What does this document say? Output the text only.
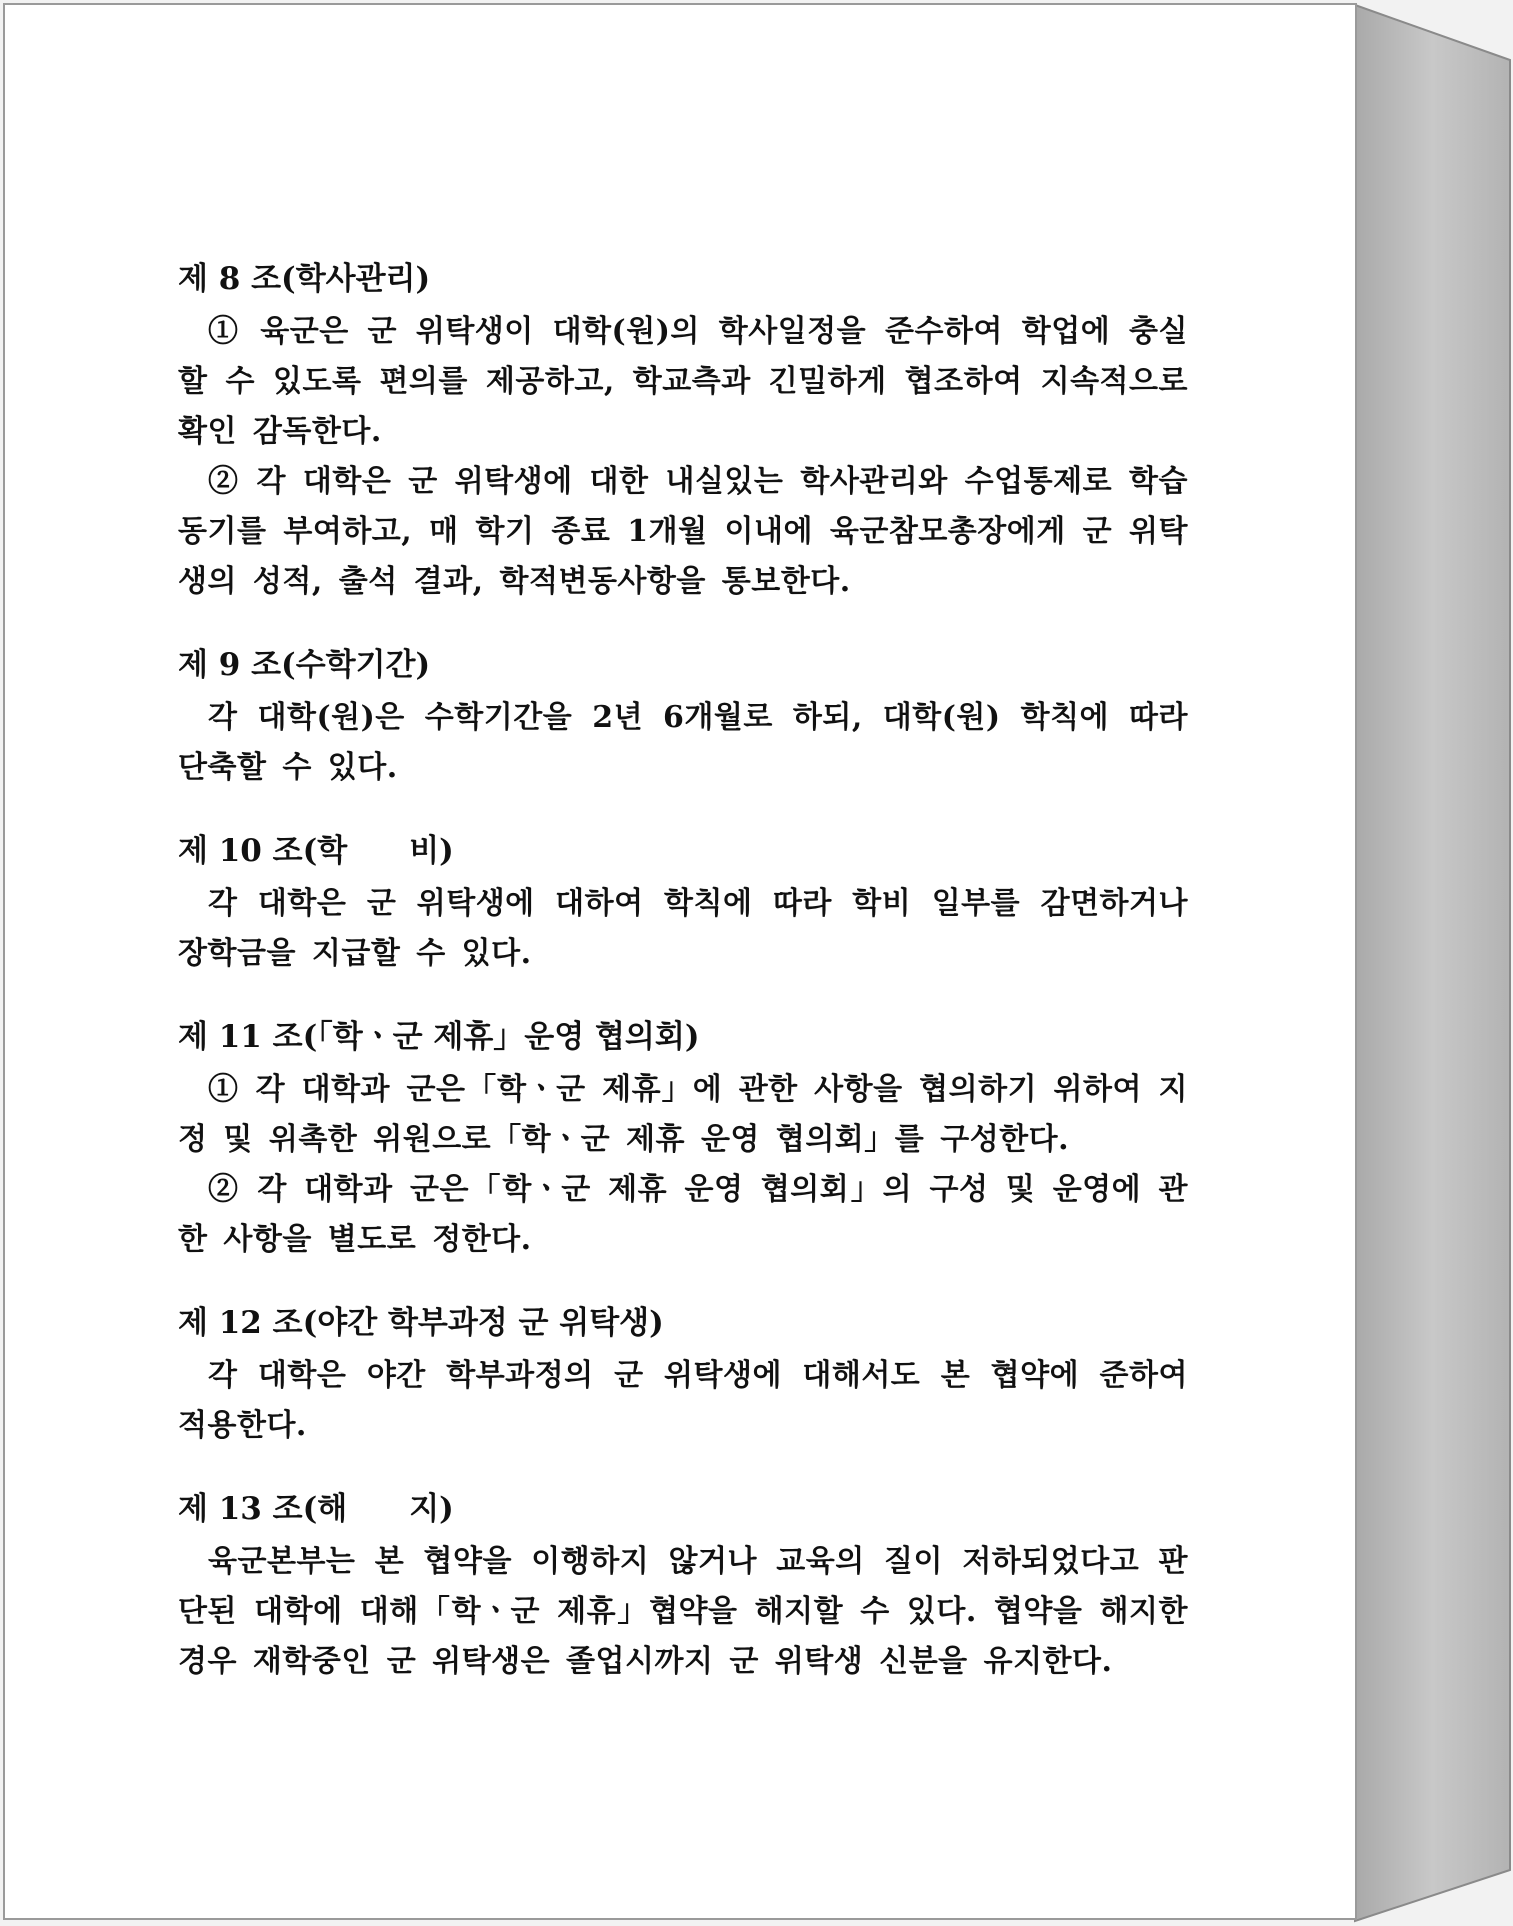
제 8 조(학사관리)

① 육군은 군 위탁생이 대학(원)의 학사일정을 준수하여 학업에 충실할 수 있도록 편의를 제공하고, 학교측과 긴밀하게 협조하여 지속적으로 확인 감독한다.

② 각 대학은 군 위탁생에 대한 내실있는 학사관리와 수업통제로 학습 동기를 부여하고, 매 학기 종료 1개월 이내에 육군참모총장에게 군 위탁생의 성적, 출석 결과, 학적변동사항을 통보한다.

제 9 조(수학기간)

각 대학(원)은 수학기간을 2년 6개월로 하되, 대학(원) 학칙에 따라 단축할 수 있다.

제 10 조(학　　비)

각 대학은 군 위탁생에 대하여 학칙에 따라 학비 일부를 감면하거나 장학금을 지급할 수 있다.

제 11 조(「학ㆍ군 제휴」운영 협의회)

① 각 대학과 군은「학ㆍ군 제휴」에 관한 사항을 협의하기 위하여 지정 및 위촉한 위원으로「학ㆍ군 제휴 운영 협의회」를 구성한다.

② 각 대학과 군은「학ㆍ군 제휴 운영 협의회」의 구성 및 운영에 관한 사항을 별도로 정한다.

제 12 조(야간 학부과정 군 위탁생)

각 대학은 야간 학부과정의 군 위탁생에 대해서도 본 협약에 준하여 적용한다.

제 13 조(해　　지)

육군본부는 본 협약을 이행하지 않거나 교육의 질이 저하되었다고 판단된 대학에 대해「학ㆍ군 제휴」협약을 해지할 수 있다. 협약을 해지한 경우 재학중인 군 위탁생은 졸업시까지 군 위탁생 신분을 유지한다.
